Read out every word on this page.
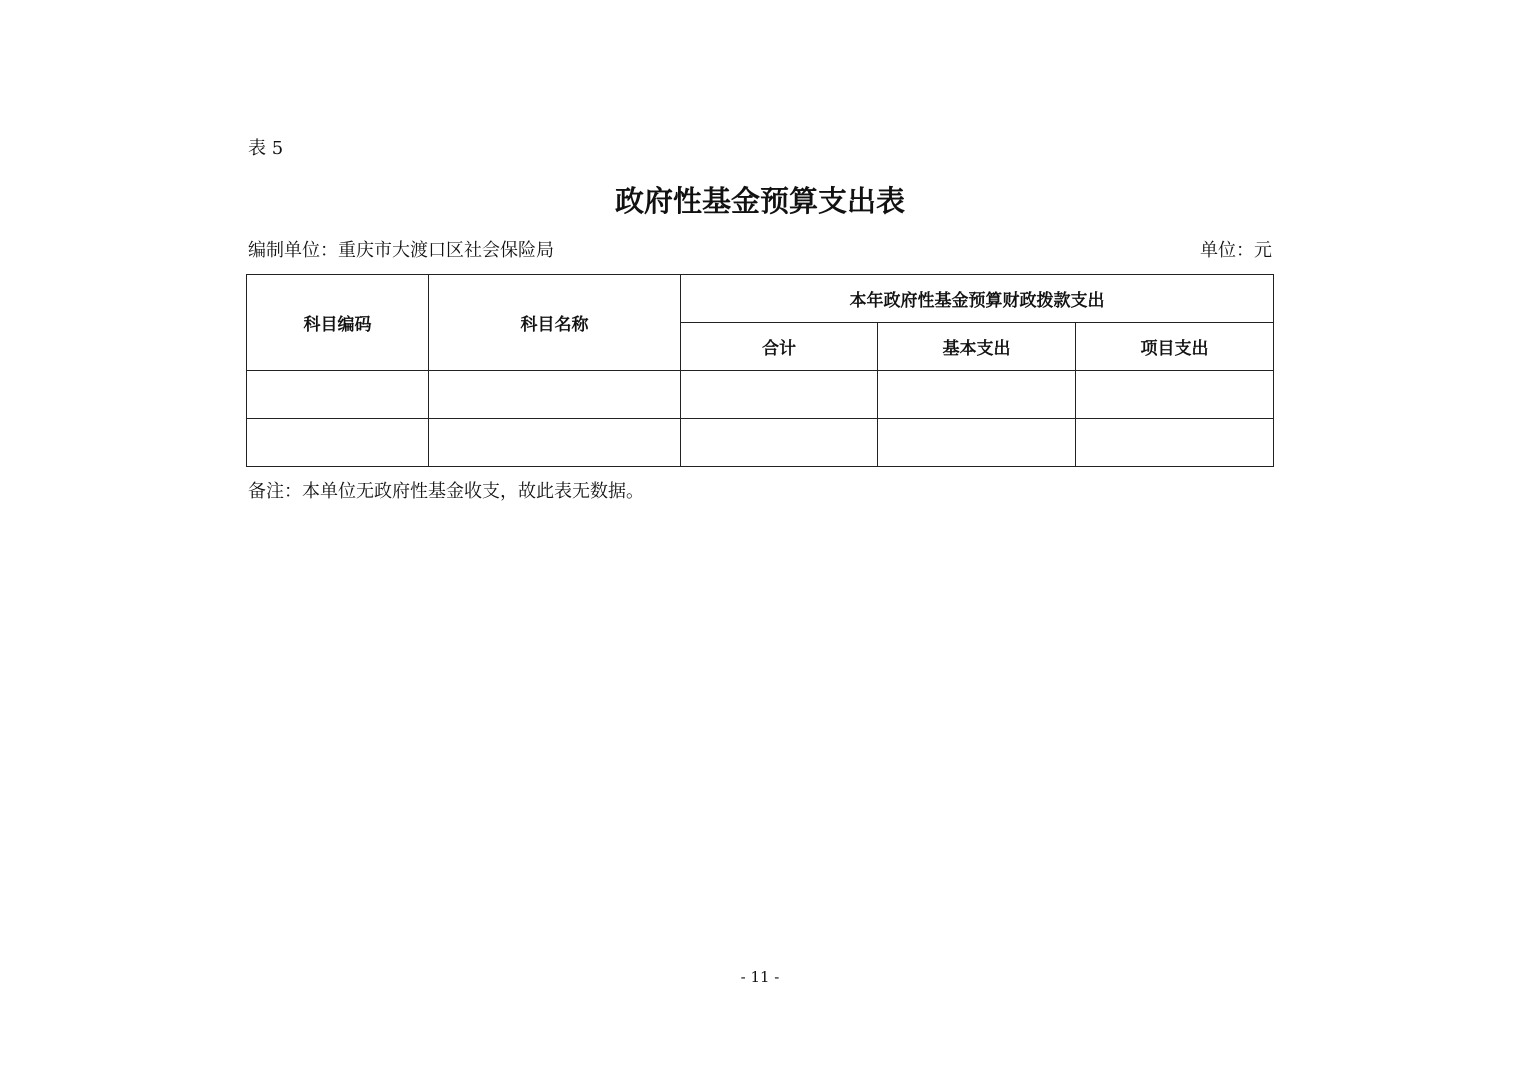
表 5
政府性基金预算支出表
编制单位：重庆市大渡口区社会保险局	单位：元
科目编码	科目名称	本年政府性基金预算财政拨款支出		
		合计	基本支出	项目支出

备注：本单位无政府性基金收支，故此表无数据。
- 11 -
